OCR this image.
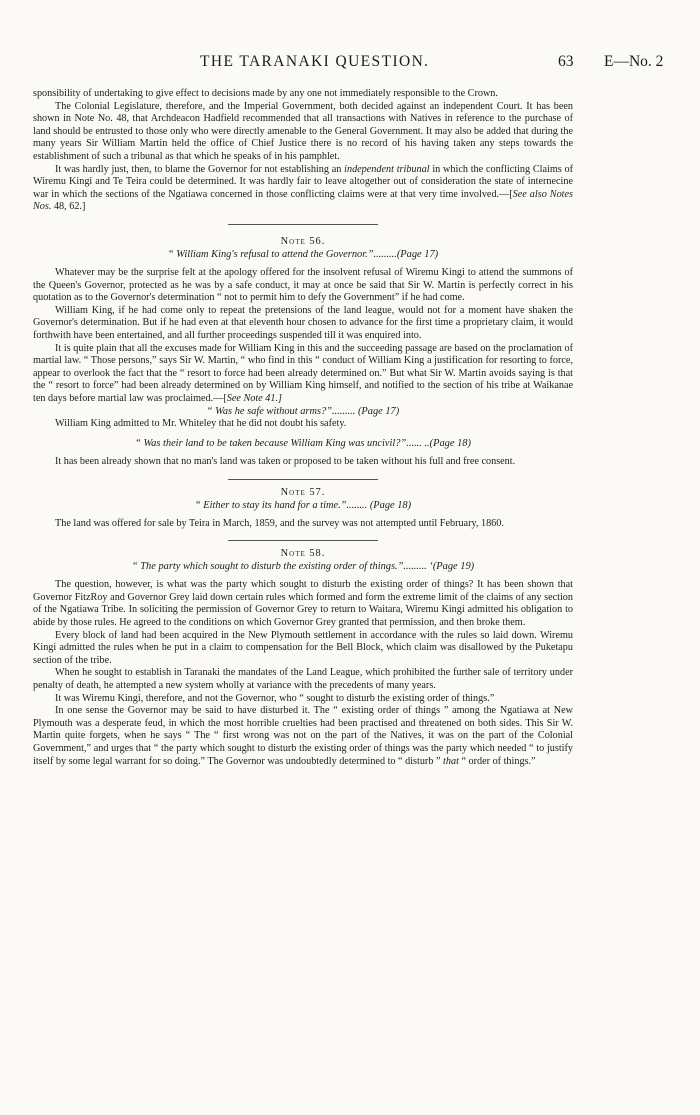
THE TARANAKI QUESTION.	63 E—No. 2

sponsibility of undertaking to give effect to decisions made by any one not immediately responsible to the Crown.

The Colonial Legislature, therefore, and the Imperial Government, both decided against an independent Court. It has been shown in Note No. 48, that Archdeacon Hadfield recommended that all transactions with Natives in reference to the purchase of land should be entrusted to those only who were directly amenable to the General Government. It may also be added that during the many years Sir William Martin held the office of Chief Justice there is no record of his having taken any steps towards the establishment of such a tribunal as that which he speaks of in his pamphlet.

It was hardly just, then, to blame the Governor for not establishing an independent tribunal in which the conflicting Claims of Wiremu Kingi and Te Teira could be determined. It was hardly fair to leave altogether out of consideration the state of internecine war in which the sections of the Ngatiawa concerned in those conflicting claims were at that very time involved.—[See also Notes Nos. 48, 62.]

Note 56.
“ William King's refusal to attend the Governor.”.........(Page 17)

Whatever may be the surprise felt at the apology offered for the insolvent refusal of Wiremu Kingi to attend the summons of the Queen's Governor, protected as he was by a safe conduct, it may at once be said that Sir W. Martin is perfectly correct in his quotation as to the Governor's determination “ not to permit him to defy the Government” if he had come.

William King, if he had come only to repeat the pretensions of the land league, would not for a moment have shaken the Governor's determination. But if he had even at that eleventh hour chosen to advance for the first time a proprietary claim, it would forthwith have been entertained, and all further proceedings suspended till it was enquired into.

It is quite plain that all the excuses made for William King in this and the succeeding passage are based on the proclamation of martial law. “ Those persons,” says Sir W. Martin, “ who find in this “ conduct of William King a justification for resorting to force, appear to overlook the fact that the “ resort to force had been already determined on.” But what Sir W. Martin avoids saying is that the “ resort to force” had been already determined on by William King himself, and notified to the section of his tribe at Waikanae ten days before martial law was proclaimed.—[See Note 41.]

“ Was he safe without arms?”......... (Page 17)

William King admitted to Mr. Whiteley that he did not doubt his safety.

“ Was their land to be taken because William King was uncivil?”...... ..(Page 18)

It has been already shown that no man's land was taken or proposed to be taken without his full and free consent.

Note 57.
“ Either to stay its hand for a time.”........ (Page 18)

The land was offered for sale by Teira in March, 1859, and the survey was not attempted until February, 1860.

Note 58.
“ The party which sought to disturb the existing order of things.”......... ‘(Page 19)

The question, however, is what was the party which sought to disturb the existing order of things? It has been shown that Governor FitzRoy and Governor Grey laid down certain rules which formed and form the extreme limit of the claims of any section of the Ngatiawa Tribe. In soliciting the permission of Governor Grey to return to Waitara, Wiremu Kingi admitted his obligation to abide by those rules. He agreed to the conditions on which Governor Grey granted that permission, and then broke them.

Every block of land had been acquired in the New Plymouth settlement in accordance with the rules so laid down. Wiremu Kingi admitted the rules when he put in a claim to compensation for the Bell Block, which claim was disallowed by the Puketapu section of the tribe.

When he sought to establish in Taranaki the mandates of the Land League, which prohibited the further sale of territory under penalty of death, he attempted a new system wholly at variance with the precedents of many years.

It was Wiremu Kingi, therefore, and not the Governor, who “ sought to disturb the existing order of things.”

In one sense the Governor may be said to have disturbed it. The “ existing order of things ” among the Ngatiawa at New Plymouth was a desperate feud, in which the most horrible cruelties had been practised and threatened on both sides. This Sir W. Martin quite forgets, when he says “ The “ first wrong was not on the part of the Natives, it was on the part of the Colonial Government,” and urges that “ the party which sought to disturb the existing order of things was the party which needed “ to justify itself by some legal warrant for so doing.” The Governor was undoubtedly determined to “ disturb ” that “ order of things.”
